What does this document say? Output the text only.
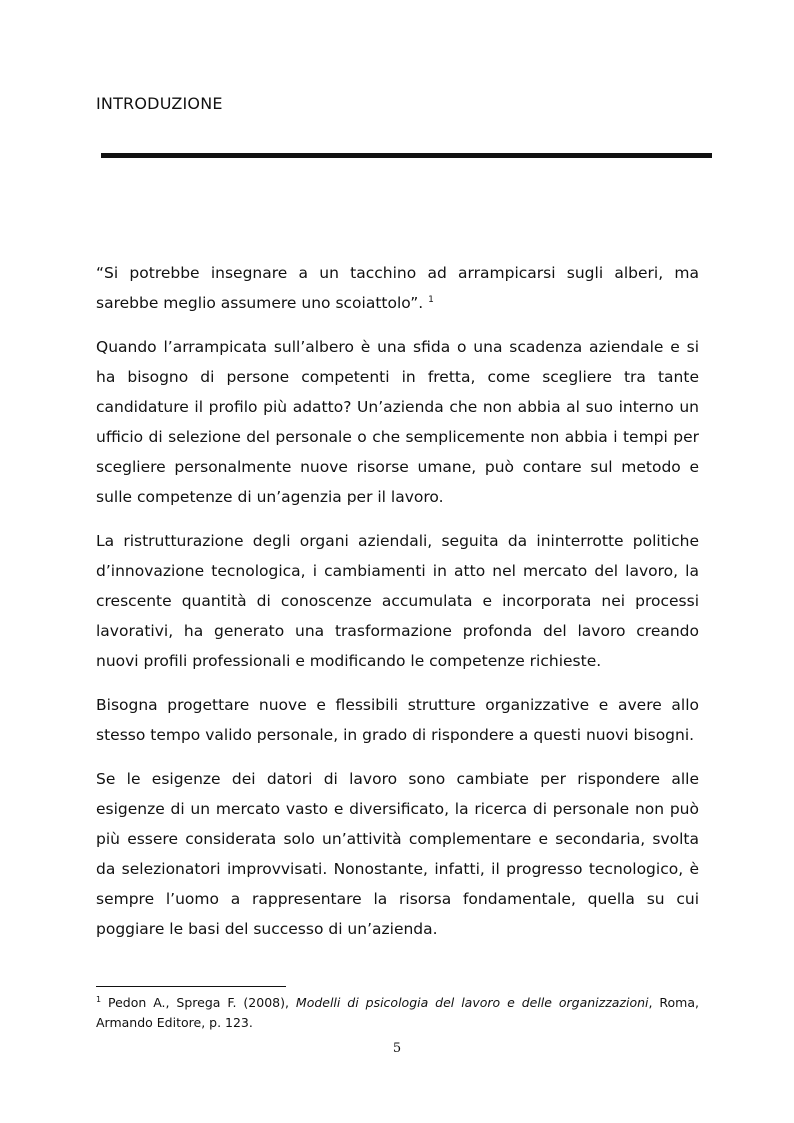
INTRODUZIONE

“Si potrebbe insegnare a un tacchino ad arrampicarsi sugli alberi, ma sarebbe meglio assumere uno scoiattolo”. $^1$

Quando l’arrampicata sull’albero è una sfida o una scadenza aziendale e si ha bisogno di persone competenti in fretta, come scegliere tra tante candidature il profilo più adatto? Un’azienda che non abbia al suo interno un ufficio di selezione del personale o che semplicemente non abbia i tempi per scegliere personalmente nuove risorse umane, può contare sul metodo e sulle competenze di un’agenzia per il lavoro.

La ristrutturazione degli organi aziendali, seguita da ininterrotte politiche d’innovazione tecnologica, i cambiamenti in atto nel mercato del lavoro, la crescente quantità di conoscenze accumulata e incorporata nei processi lavorativi, ha generato una trasformazione profonda del lavoro creando nuovi profili professionali e modificando le competenze richieste.

Bisogna progettare nuove e flessibili strutture organizzative e avere allo stesso tempo valido personale, in grado di rispondere a questi nuovi bisogni.

Se le esigenze dei datori di lavoro sono cambiate per rispondere alle esigenze di un mercato vasto e diversificato, la ricerca di personale non può più essere considerata solo un’attività complementare e secondaria, svolta da selezionatori improvvisati. Nonostante, infatti, il progresso tecnologico, è sempre l’uomo a rappresentare la risorsa fondamentale, quella su cui poggiare le basi del successo di un’azienda.

$^1$ Pedon A., Sprega F. (2008), Modelli di psicologia del lavoro e delle organizzazioni, Roma, Armando Editore, p. 123.
5
